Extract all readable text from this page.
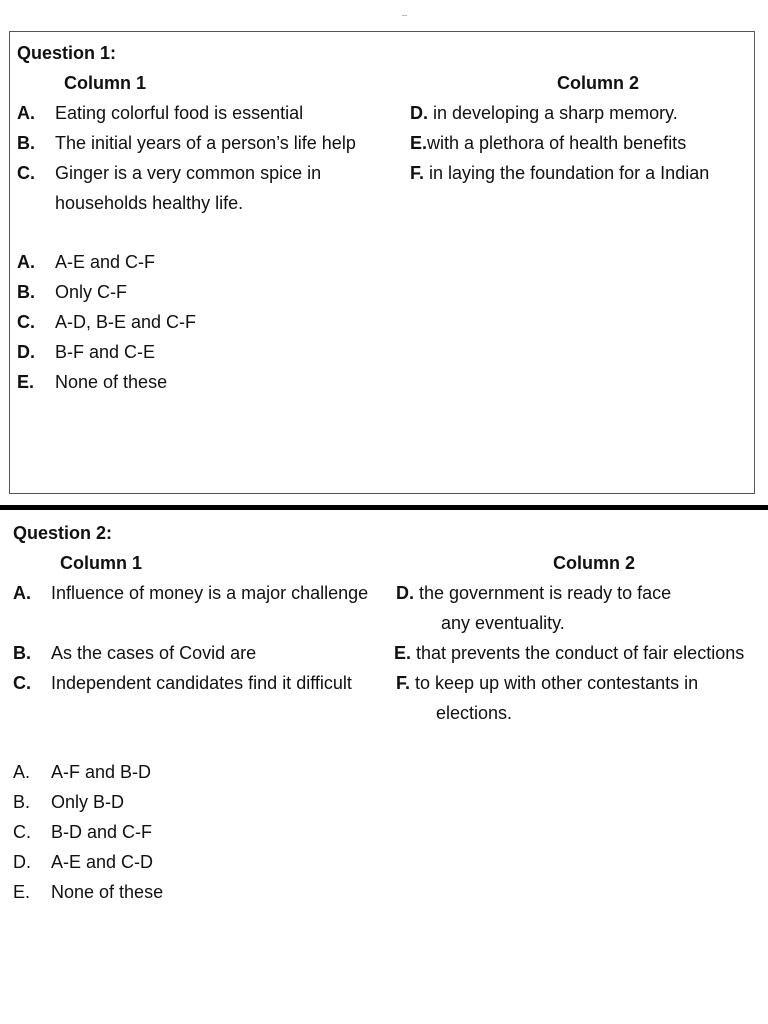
Question 1:
Column 1	Column 2
A. Eating colorful food is essential
B. The initial years of a person’s life help
C. Ginger is a very common spice in
households healthy life.
D. in developing a sharp memory.
E.with a plethora of health benefits
F. in laying the foundation for a Indian
A. A-E and C-F
B. Only C-F
C. A-D, B-E and C-F
D. B-F and C-E
E. None of these
Question 2:
Column 1	Column 2
A. Influence of money is a major challenge
B. As the cases of Covid are
C. Independent candidates find it difficult
D. the government is ready to face
any eventuality.
E. that prevents the conduct of fair elections
F. to keep up with other contestants in
elections.
A. A-F and B-D
B. Only B-D
C. B-D and C-F
D. A-E and C-D
E. None of these
